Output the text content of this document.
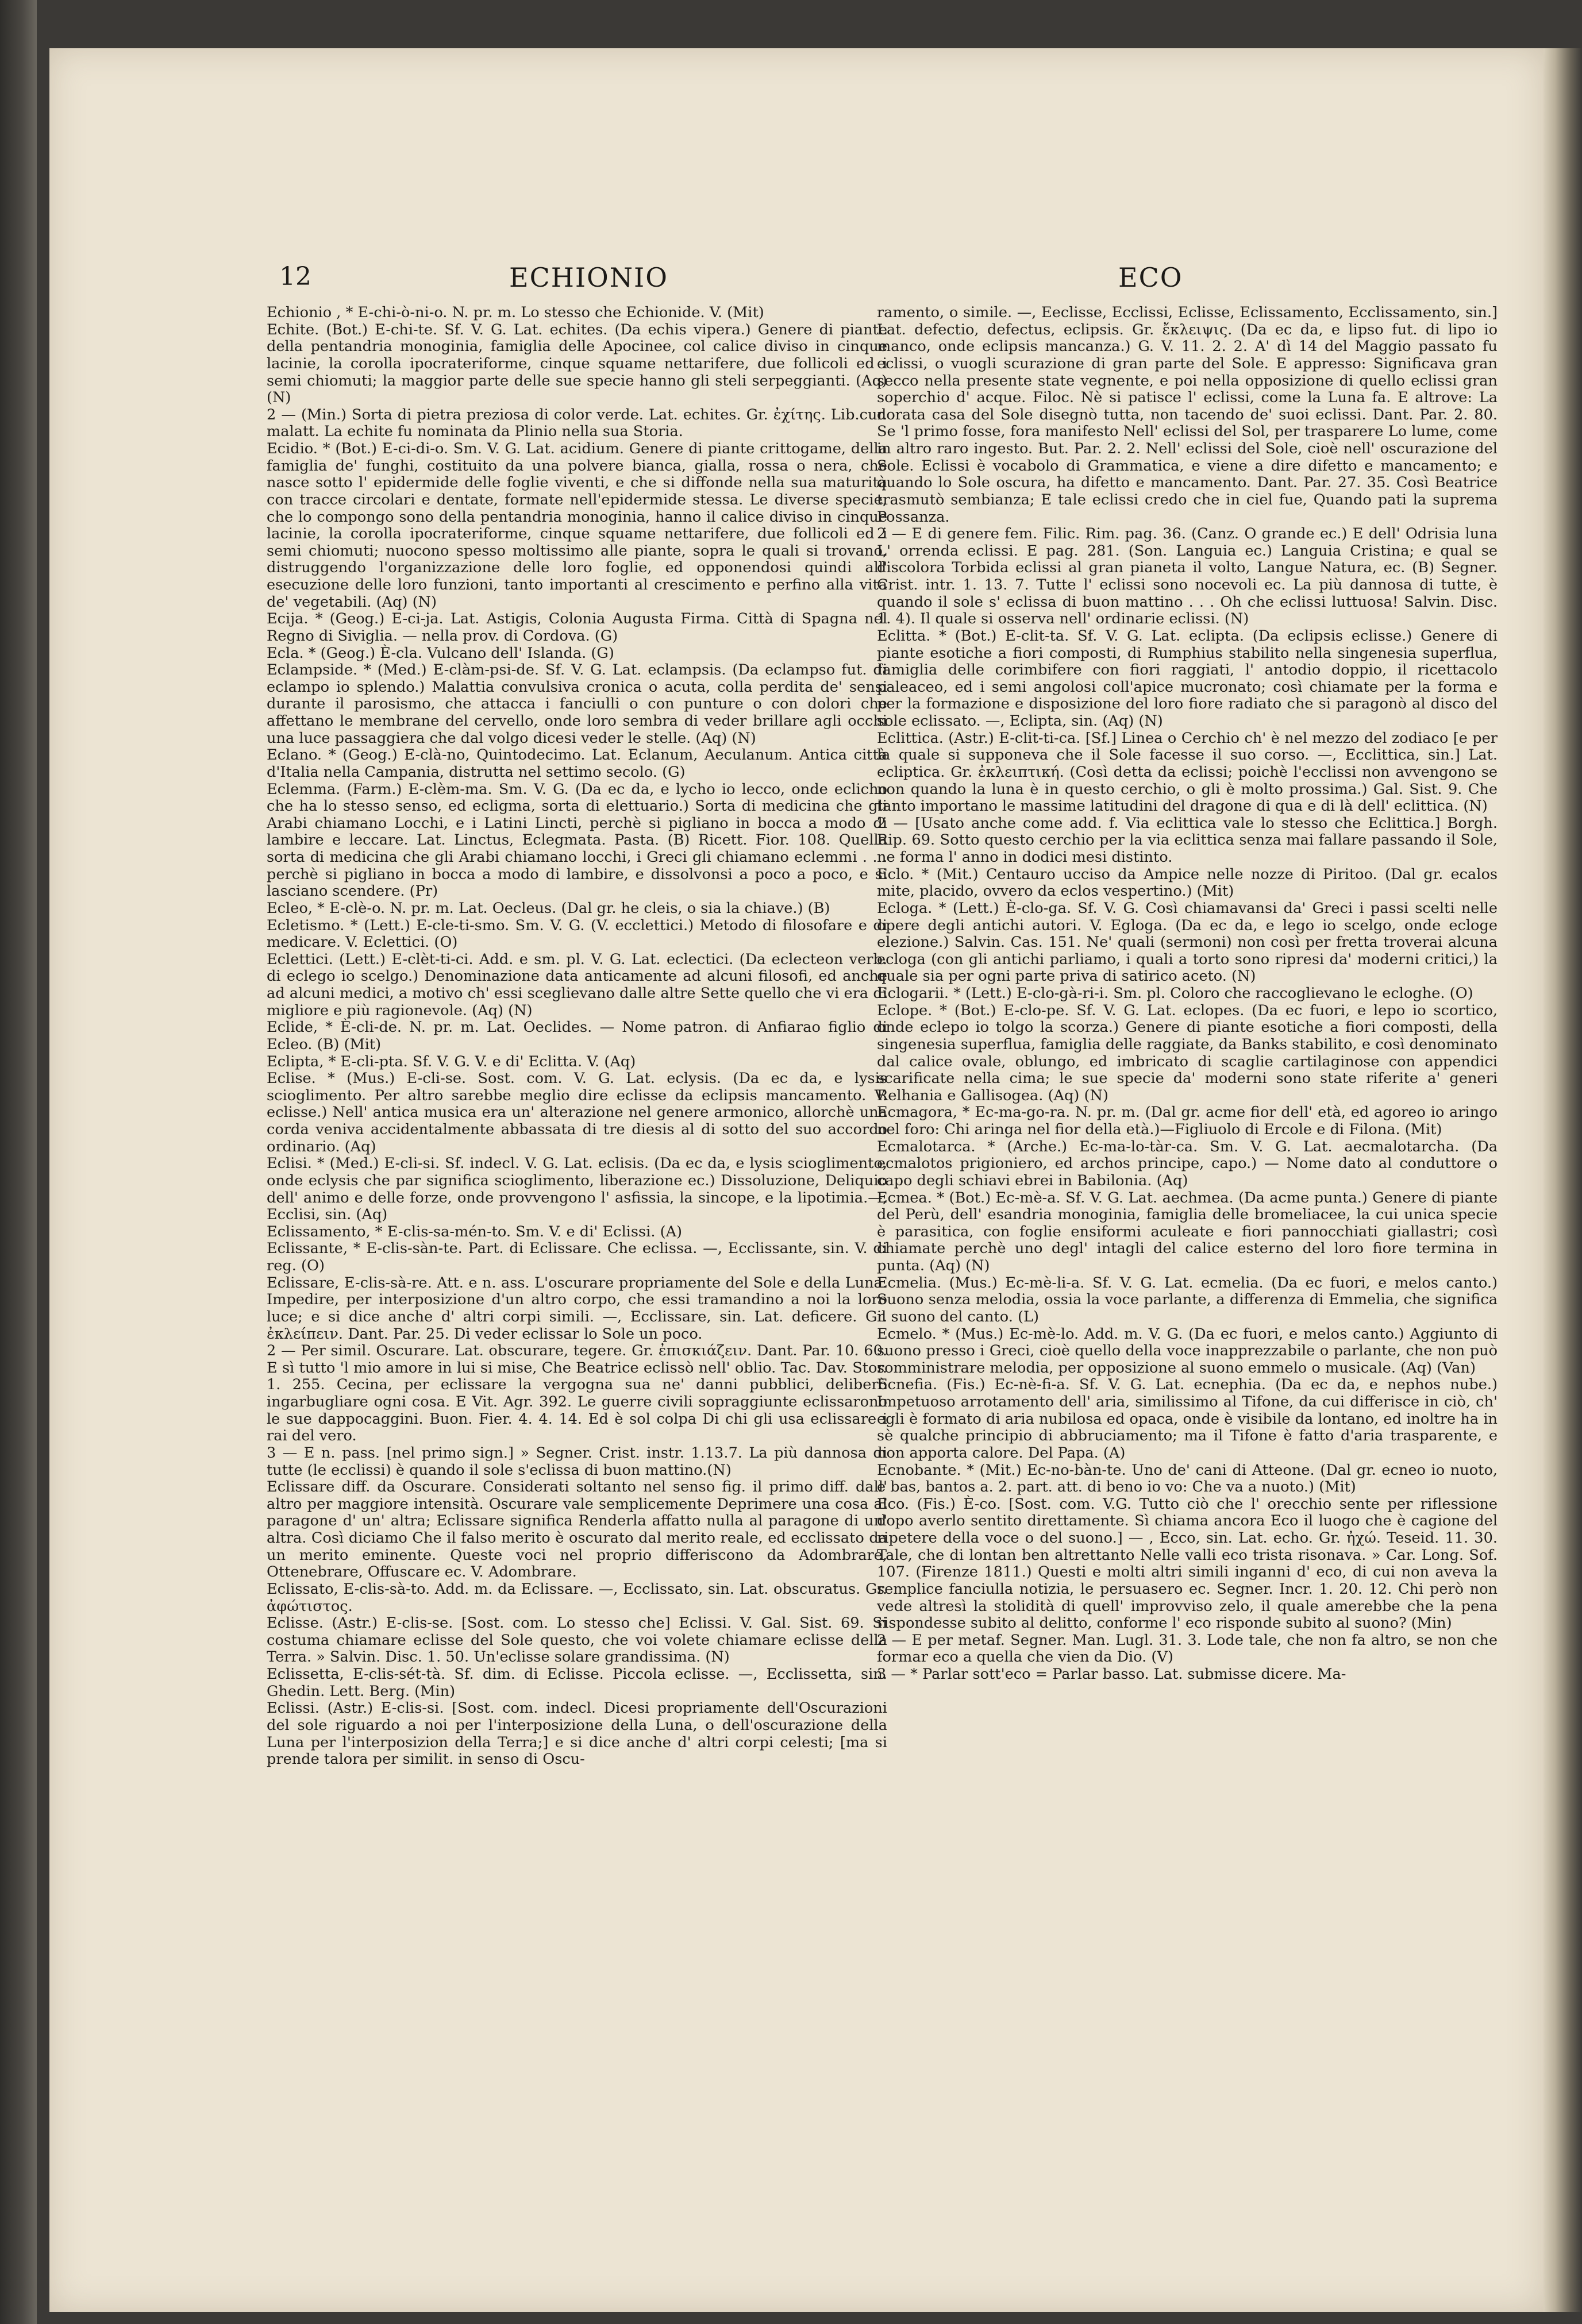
12	ECHIONIO	ECO

Echionio , * E-chi-ò-ni-o. N. pr. m. Lo stesso che Echionide. V. (Mit)

Echite. (Bot.) E-chi-te. Sf. V. G. Lat. echites. (Da echis vipera.) Genere di piante della pentandria monoginia, famiglia delle Apocinee, col calice diviso in cinque lacinie, la corolla ipocrateriforme, cinque squame nettarifere, due follicoli ed i semi chiomuti; la maggior parte delle sue specie hanno gli steli serpeggianti. (Aq) (N)

2 — (Min.) Sorta di pietra preziosa di color verde. Lat. echites. Gr. ἐχίτης. Lib.cur. malatt. La echite fu nominata da Plinio nella sua Storia.

Ecidio. * (Bot.) E-ci-di-o. Sm. V. G. Lat. acidium. Genere di piante crittogame, della famiglia de' funghi, costituito da una polvere bianca, gialla, rossa o nera, che nasce sotto l' epidermide delle foglie viventi, e che si diffonde nella sua maturità con tracce circolari e dentate, formate nell'epidermide stessa. Le diverse specie, che lo compongo sono della pentandria monoginia, hanno il calice diviso in cinque lacinie, la corolla ipocrateriforme, cinque squame nettarifere, due follicoli ed i semi chiomuti; nuocono spesso moltissimo alle piante, sopra le quali si trovano, distruggendo l'organizzazione delle loro foglie, ed opponendosi quindi all' esecuzione delle loro funzioni, tanto importanti al crescimento e perfino alla vita de' vegetabili. (Aq) (N)

Ecija. * (Geog.) E-ci-ja. Lat. Astigis, Colonia Augusta Firma. Città di Spagna nel Regno di Siviglia. — nella prov. di Cordova. (G)

Ecla. * (Geog.) È-cla. Vulcano dell' Islanda. (G)

Eclampside. * (Med.) E-clàm-psi-de. Sf. V. G. Lat. eclampsis. (Da eclampso fut. di eclampo io splendo.) Malattia convulsiva cronica o acuta, colla perdita de' sensi durante il parosismo, che attacca i fanciulli o con punture o con dolori che affettano le membrane del cervello, onde loro sembra di veder brillare agli occhi una luce passaggiera che dal volgo dicesi veder le stelle. (Aq) (N)

Eclano. * (Geog.) E-clà-no, Quintodecimo. Lat. Eclanum, Aeculanum. Antica città d'Italia nella Campania, distrutta nel settimo secolo. (G)

Eclemma. (Farm.) E-clèm-ma. Sm. V. G. (Da ec da, e lycho io lecco, onde eclicho che ha lo stesso senso, ed ecligma, sorta di elettuario.) Sorta di medicina che gli Arabi chiamano Locchi, e i Latini Lincti, perchè si pigliano in bocca a modo di lambire e leccare. Lat. Linctus, Eclegmata. Pasta. (B) Ricett. Fior. 108. Quella sorta di medicina che gli Arabi chiamano locchi, i Greci gli chiamano eclemmi . . . perchè si pigliano in bocca a modo di lambire, e dissolvonsi a poco a poco, e si lasciano scendere. (Pr)

Ecleo, * E-clè-o. N. pr. m. Lat. Oecleus. (Dal gr. he cleis, o sia la chiave.) (B)

Ecletismo. * (Lett.) E-cle-ti-smo. Sm. V. G. (V. ecclettici.) Metodo di filosofare e di medicare. V. Eclettici. (O)

Eclettici. (Lett.) E-clèt-ti-ci. Add. e sm. pl. V. G. Lat. eclectici. (Da eclecteon verb. di eclego io scelgo.) Denominazione data anticamente ad alcuni filosofi, ed anche ad alcuni medici, a motivo ch' essi sceglievano dalle altre Sette quello che vi era di migliore e più ragionevole. (Aq) (N)

Eclide, * È-cli-de. N. pr. m. Lat. Oeclides. — Nome patron. di Anfiarao figlio di Ecleo. (B) (Mit)

Eclipta, * E-cli-pta. Sf. V. G. V. e di' Eclitta. V. (Aq)

Eclise. * (Mus.) E-cli-se. Sost. com. V. G. Lat. eclysis. (Da ec da, e lysis scioglimento. Per altro sarebbe meglio dire eclisse da eclipsis mancamento. V. eclisse.) Nell' antica musica era un' alterazione nel genere armonico, allorchè una corda veniva accidentalmente abbassata di tre diesis al di sotto del suo accordo ordinario. (Aq)

Eclisi. * (Med.) E-cli-si. Sf. indecl. V. G. Lat. eclisis. (Da ec da, e lysis scioglimento, onde eclysis che par significa scioglimento, liberazione ec.) Dissoluzione, Deliquio dell' animo e delle forze, onde provvengono l' asfissia, la sincope, e la lipotimia.—, Ecclisi, sin. (Aq)

Eclissamento, * E-clis-sa-mén-to. Sm. V. e di' Eclissi. (A)

Eclissante, * E-clis-sàn-te. Part. di Eclissare. Che eclissa. —, Ecclissante, sin. V. di reg. (O)

Eclissare, E-clis-sà-re. Att. e n. ass. L'oscurare propriamente del Sole e della Luna. Impedire, per interposizione d'un altro corpo, che essi tramandino a noi la loro luce; e si dice anche d' altri corpi simili. —, Ecclissare, sin. Lat. deficere. Gr. ἐκλείπειν. Dant. Par. 25. Di veder eclissar lo Sole un poco.

2 — Per simil. Oscurare. Lat. obscurare, tegere. Gr. ἐπισκιάζειν. Dant. Par. 10. 60. E sì tutto 'l mio amore in lui si mise, Che Beatrice eclissò nell' oblio. Tac. Dav. Stor. 1. 255. Cecina, per eclissare la vergogna sua ne' danni pubblici, deliberò ingarbugliare ogni cosa. E Vit. Agr. 392. Le guerre civili sopraggiunte eclissarono le sue dappocaggini. Buon. Fier. 4. 4. 14. Ed è sol colpa Di chi gli usa eclissare i rai del vero.

3 — E n. pass. [nel primo sign.] » Segner. Crist. instr. 1.13.7. La più dannosa di tutte (le ecclissi) è quando il sole s'eclissa di buon mattino.(N)

Eclissare diff. da Oscurare. Considerati soltanto nel senso fig. il primo diff. dall' altro per maggiore intensità. Oscurare vale semplicemente Deprimere una cosa al paragone d' un' altra; Eclissare significa Renderla affatto nulla al paragone di un' altra. Così diciamo Che il falso merito è oscurato dal merito reale, ed ecclissato da un merito eminente. Queste voci nel proprio differiscono da Adombrare, Ottenebrare, Offuscare ec. V. Adombrare.

Eclissato, E-clis-sà-to. Add. m. da Eclissare. —, Ecclissato, sin. Lat. obscuratus. Gr. ἀφώτιστος.

Eclisse. (Astr.) E-clis-se. [Sost. com. Lo stesso che] Eclissi. V. Gal. Sist. 69. Si costuma chiamare eclisse del Sole questo, che voi volete chiamare eclisse della Terra. » Salvin. Disc. 1. 50. Un'eclisse solare grandissima. (N)

Eclissetta, E-clis-sét-tà. Sf. dim. di Eclisse. Piccola eclisse. —, Ecclissetta, sin. Ghedin. Lett. Berg. (Min)

Eclissi. (Astr.) E-clis-si. [Sost. com. indecl. Dicesi propriamente dell'Oscurazioni del sole riguardo a noi per l'interposizione della Luna, o dell'oscurazione della Luna per l'interposizion della Terra;] e si dice anche d' altri corpi celesti; [ma si prende talora per similit. in senso di Oscu-

ramento, o simile. —, Eeclisse, Ecclissi, Eclisse, Eclissamento, Ecclissamento, sin.] Lat. defectio, defectus, eclipsis. Gr. ἔκλειψις. (Da ec da, e lipso fut. di lipo io manco, onde eclipsis mancanza.) G. V. 11. 2. 2. A' dì 14 del Maggio passato fu eclissi, o vuogli scurazione di gran parte del Sole. E appresso: Significava gran secco nella presente state vegnente, e poi nella opposizione di quello eclissi gran soperchio d' acque. Filoc. Nè si patisce l' eclissi, come la Luna fa. E altrove: La dorata casa del Sole disegnò tutta, non tacendo de' suoi eclissi. Dant. Par. 2. 80. Se 'l primo fosse, fora manifesto Nell' eclissi del Sol, per trasparere Lo lume, come in altro raro ingesto. But. Par. 2. 2. Nell' eclissi del Sole, cioè nell' oscurazione del Sole. Eclissi è vocabolo di Grammatica, e viene a dire difetto e mancamento; e quando lo Sole oscura, ha difetto e mancamento. Dant. Par. 27. 35. Così Beatrice trasmutò sembianza; E tale eclissi credo che in ciel fue, Quando pati la suprema Possanza.

2 — E di genere fem. Filic. Rim. pag. 36. (Canz. O grande ec.) E dell' Odrisia luna L' orrenda eclissi. E pag. 281. (Son. Languia ec.) Languia Cristina; e qual se discolora Torbida eclissi al gran pianeta il volto, Langue Natura, ec. (B) Segner. Crist. intr. 1. 13. 7. Tutte l' eclissi sono nocevoli ec. La più dannosa di tutte, è quando il sole s' eclissa di buon mattino . . . Oh che eclissi luttuosa! Salvin. Disc. 1. 4). Il quale si osserva nell' ordinarie eclissi. (N)

Eclitta. * (Bot.) E-clit-ta. Sf. V. G. Lat. eclipta. (Da eclipsis eclisse.) Genere di piante esotiche a fiori composti, di Rumphius stabilito nella singenesia superflua, famiglia delle corimbifere con fiori raggiati, l' antodio doppio, il ricettacolo paleaceo, ed i semi angolosi coll'apice mucronato; così chiamate per la forma e per la formazione e disposizione del loro fiore radiato che si paragonò al disco del sole eclissato. —, Eclipta, sin. (Aq) (N)

Eclittica. (Astr.) E-clit-ti-ca. [Sf.] Linea o Cerchio ch' è nel mezzo del zodiaco [e per la quale si supponeva che il Sole facesse il suo corso. —, Ecclittica, sin.] Lat. ecliptica. Gr. ἐκλειπτική. (Così detta da eclissi; poichè l'ecclissi non avvengono se non quando la luna è in questo cerchio, o gli è molto prossima.) Gal. Sist. 9. Che tanto importano le massime latitudini del dragone di qua e di là dell' eclittica. (N)

2 — [Usato anche come add. f. Via eclittica vale lo stesso che Eclittica.] Borgh. Rip. 69. Sotto questo cerchio per la via eclittica senza mai fallare passando il Sole, ne forma l' anno in dodici mesi distinto.

Eclo. * (Mit.) Centauro ucciso da Ampice nelle nozze di Piritoo. (Dal gr. ecalos mite, placido, ovvero da eclos vespertino.) (Mit)

Ecloga. * (Lett.) È-clo-ga. Sf. V. G. Così chiamavansi da' Greci i passi scelti nelle opere degli antichi autori. V. Egloga. (Da ec da, e lego io scelgo, onde ecloge elezione.) Salvin. Cas. 151. Ne' quali (sermoni) non così per fretta troverai alcuna ecloga (con gli antichi parliamo, i quali a torto sono ripresi da' moderni critici,) la quale sia per ogni parte priva di satirico aceto. (N)

Eclogarii. * (Lett.) E-clo-gà-ri-i. Sm. pl. Coloro che raccoglievano le ecloghe. (O)

Eclope. * (Bot.) E-clo-pe. Sf. V. G. Lat. eclopes. (Da ec fuori, e lepo io scortico, onde eclepo io tolgo la scorza.) Genere di piante esotiche a fiori composti, della singenesia superflua, famiglia delle raggiate, da Banks stabilito, e così denominato dal calice ovale, oblungo, ed imbricato di scaglie cartilaginose con appendici scarificate nella cima; le sue specie da' moderni sono state riferite a' generi Relhania e Gallisogea. (Aq) (N)

Ecmagora, * Ec-ma-go-ra. N. pr. m. (Dal gr. acme fior dell' età, ed agoreo io aringo nel foro: Chi aringa nel fior della età.)—Figliuolo di Ercole e di Filona. (Mit)

Ecmalotarca. * (Arche.) Ec-ma-lo-tàr-ca. Sm. V. G. Lat. aecmalotarcha. (Da ecmalotos prigioniero, ed archos principe, capo.) — Nome dato al conduttore o capo degli schiavi ebrei in Babilonia. (Aq)

Ecmea. * (Bot.) Ec-mè-a. Sf. V. G. Lat. aechmea. (Da acme punta.) Genere di piante del Perù, dell' esandria monoginia, famiglia delle bromeliacee, la cui unica specie è parasitica, con foglie ensiformi aculeate e fiori pannocchiati giallastri; così chiamate perchè uno degl' intagli del calice esterno del loro fiore termina in punta. (Aq) (N)

Ecmelia. (Mus.) Ec-mè-li-a. Sf. V. G. Lat. ecmelia. (Da ec fuori, e melos canto.) Suono senza melodia, ossia la voce parlante, a differenza di Emmelia, che significa il suono del canto. (L)

Ecmelo. * (Mus.) Ec-mè-lo. Add. m. V. G. (Da ec fuori, e melos canto.) Aggiunto di suono presso i Greci, cioè quello della voce inapprezzabile o parlante, che non può somministrare melodia, per opposizione al suono emmelo o musicale. (Aq) (Van)

Ecnefia. (Fis.) Ec-nè-fi-a. Sf. V. G. Lat. ecnephia. (Da ec da, e nephos nube.) Impetuoso arrotamento dell' aria, similissimo al Tifone, da cui differisce in ciò, ch' egli è formato di aria nubilosa ed opaca, onde è visibile da lontano, ed inoltre ha in sè qualche principio di abbruciamento; ma il Tifone è fatto d'aria trasparente, e non apporta calore. Del Papa. (A)

Ecnobante. * (Mit.) Ec-no-bàn-te. Uno de' cani di Atteone. (Dal gr. ecneo io nuoto, e bas, bantos a. 2. part. att. di beno io vo: Che va a nuoto.) (Mit)

Eco. (Fis.) È-co. [Sost. com. V.G. Tutto ciò che l' orecchio sente per riflessione dopo averlo sentito direttamente. Sì chiama ancora Eco il luogo che è cagione del ripetere della voce o del suono.] — , Ecco, sin. Lat. echo. Gr. ἠχώ. Teseid. 11. 30. Tale, che di lontan ben altrettanto Nelle valli eco trista risonava. » Car. Long. Sof. 107. (Firenze 1811.) Questi e molti altri simili inganni d' eco, di cui non aveva la semplice fanciulla notizia, le persuasero ec. Segner. Incr. 1. 20. 12. Chi però non vede altresì la stolidità di quell' improvviso zelo, il quale amerebbe che la pena rispondesse subito al delitto, conforme l' eco risponde subito al suono? (Min)

2 — E per metaf. Segner. Man. Lugl. 31. 3. Lode tale, che non fa altro, se non che formar eco a quella che vien da Dio. (V)

3 — * Parlar sott'eco = Parlar basso. Lat. submisse dicere. Ma-
